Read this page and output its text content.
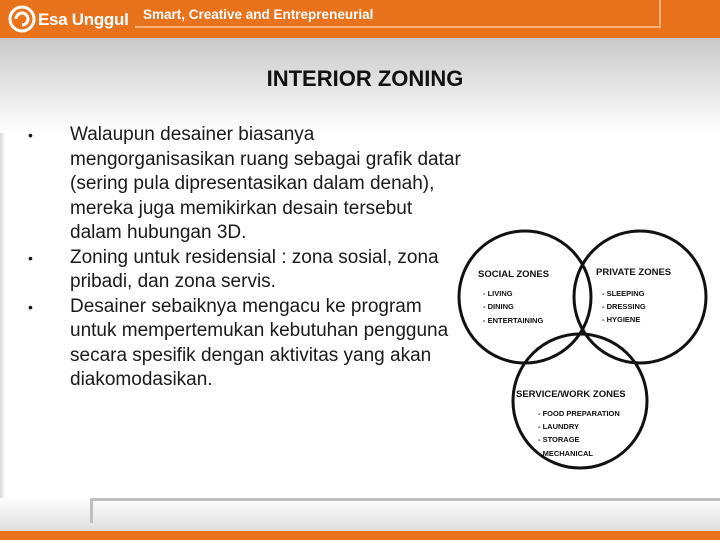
Esa Unggul Smart, Creative and Entrepreneurial
INTERIOR ZONING
• Walaupun desainer biasanya mengorganisasikan ruang sebagai grafik datar (sering pula dipresentasikan dalam denah), mereka juga memikirkan desain tersebut dalam hubungan 3D.
• Zoning untuk residensial : zona sosial, zona pribadi, dan zona servis.
• Desainer sebaiknya mengacu ke program untuk mempertemukan kebutuhan pengguna secara spesifik dengan aktivitas yang akan diakomodasikan.
SOCIAL ZONES
- LIVING
- DINING
- ENTERTAINING
PRIVATE ZONES
- SLEEPING
- DRESSING
- HYGIENE
SERVICE/WORK ZONES
- FOOD PREPARATION
- LAUNDRY
- STORAGE
- MECHANICAL
